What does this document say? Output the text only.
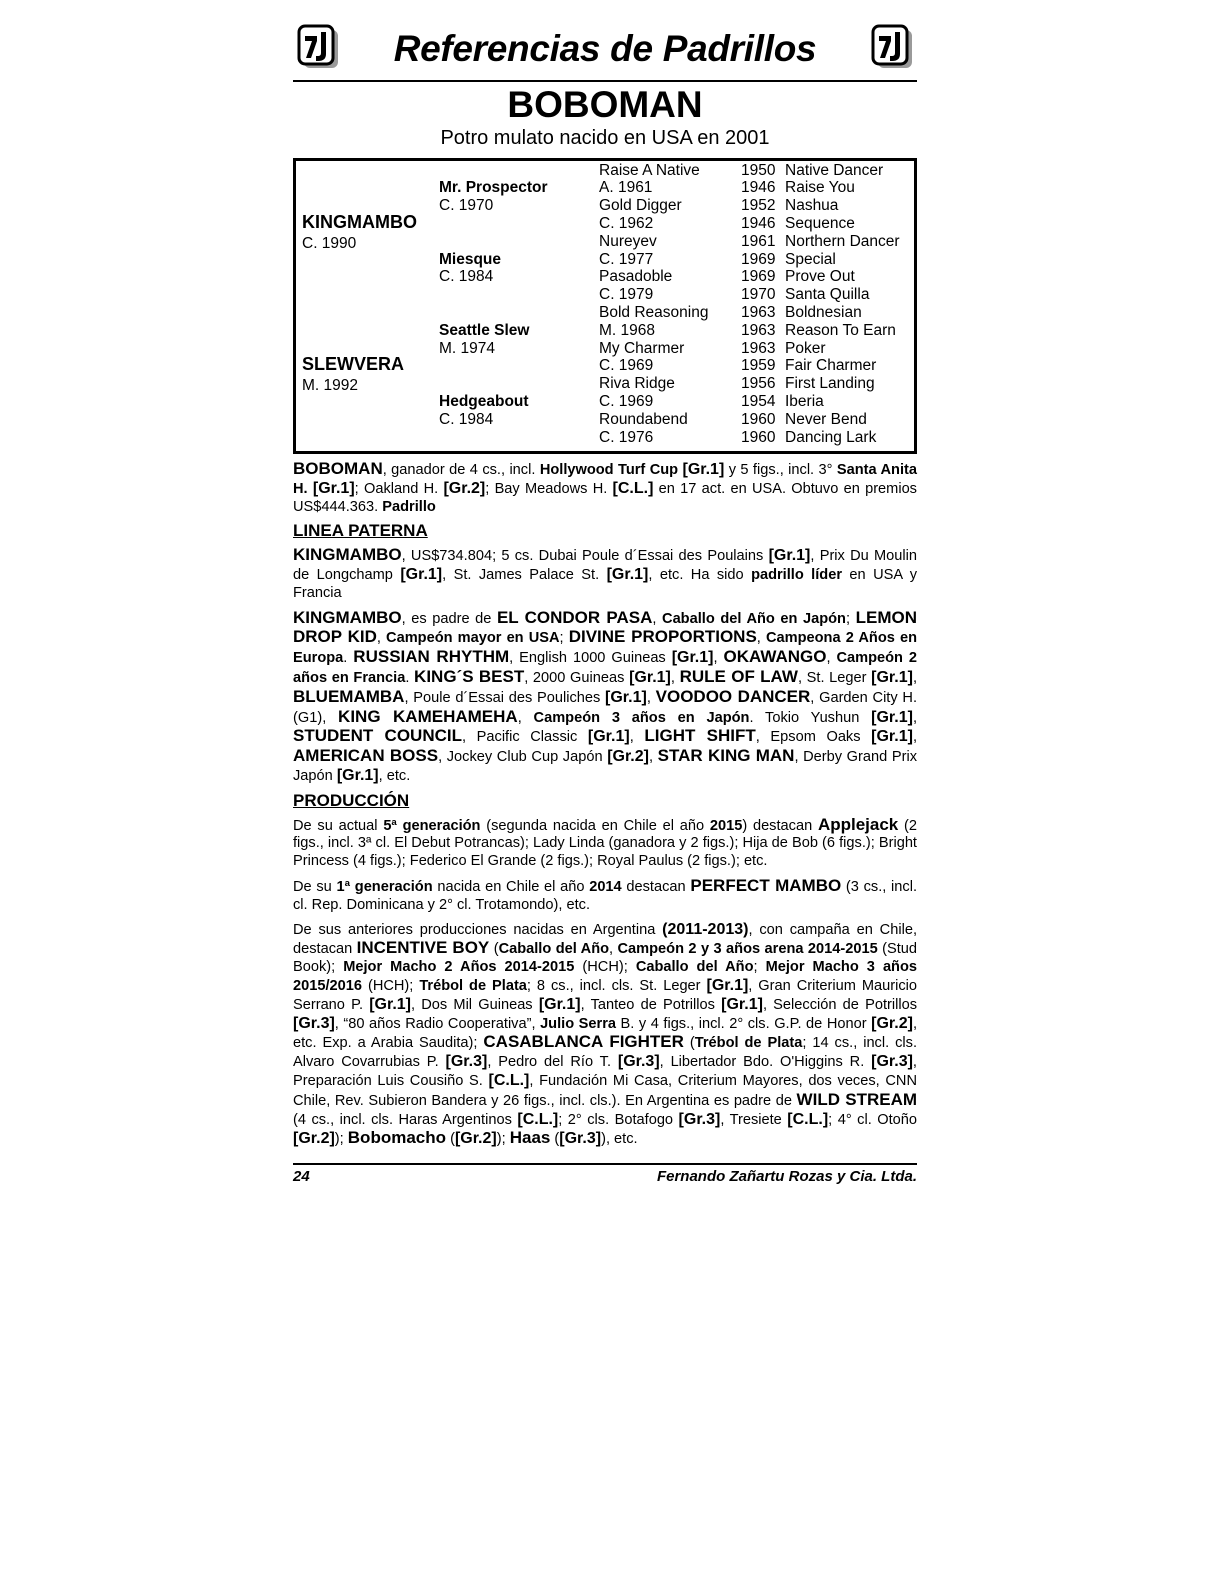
Referencias de Padrillos
BOBOMAN
Potro mulato nacido en USA en 2001
KINGMAMBO
C. 1990
SLEWVERA
M. 1992
Mr. Prospector
C. 1970
Miesque
C. 1984
Seattle Slew
M. 1974
Hedgeabout
C. 1984
Raise A Native
A. 1961
Gold Digger
C. 1962
Nureyev
C. 1977
Pasadoble
C. 1979
Bold Reasoning
M. 1968
My Charmer
C. 1969
Riva Ridge
C. 1969
Roundabend
C. 1976
1950 Native Dancer
1946 Raise You
1952 Nashua
1946 Sequence
1961 Northern Dancer
1969 Special
1969 Prove Out
1970 Santa Quilla
1963 Boldnesian
1963 Reason To Earn
1963 Poker
1959 Fair Charmer
1956 First Landing
1954 Iberia
1960 Never Bend
1960 Dancing Lark

BOBOMAN, ganador de 4 cs., incl. Hollywood Turf Cup [Gr.1] y 5 figs., incl. 3° Santa Anita H. [Gr.1]; Oakland H. [Gr.2]; Bay Meadows H. [C.L.] en 17 act. en USA. Obtuvo en premios US$444.363. Padrillo

LINEA PATERNA

KINGMAMBO, US$734.804; 5 cs. Dubai Poule d´Essai des Poulains [Gr.1], Prix Du Moulin de Longchamp [Gr.1], St. James Palace St. [Gr.1], etc. Ha sido padrillo líder en USA y Francia

KINGMAMBO, es padre de EL CONDOR PASA, Caballo del Año en Japón; LEMON DROP KID, Campeón mayor en USA; DIVINE PROPORTIONS, Campeona 2 Años en Europa. RUSSIAN RHYTHM, English 1000 Guineas [Gr.1], OKAWANGO, Campeón 2 años en Francia. KING´S BEST, 2000 Guineas [Gr.1], RULE OF LAW, St. Leger [Gr.1], BLUEMAMBA, Poule d´Essai des Pouliches [Gr.1], VOODOO DANCER, Garden City H. (G1), KING KAMEHAMEHA, Campeón 3 años en Japón. Tokio Yushun [Gr.1], STUDENT COUNCIL, Pacific Classic [Gr.1], LIGHT SHIFT, Epsom Oaks [Gr.1], AMERICAN BOSS, Jockey Club Cup Japón [Gr.2], STAR KING MAN, Derby Grand Prix Japón [Gr.1], etc.

PRODUCCIÓN

De su actual 5ª generación (segunda nacida en Chile el año 2015) destacan Applejack (2 figs., incl. 3ª cl. El Debut Potrancas); Lady Linda (ganadora y 2 figs.); Hija de Bob (6 figs.); Bright Princess (4 figs.); Federico El Grande (2 figs.); Royal Paulus (2 figs.); etc.

De su 1ª generación nacida en Chile el año 2014 destacan PERFECT MAMBO (3 cs., incl. cl. Rep. Dominicana y 2° cl. Trotamondo), etc.

De sus anteriores producciones nacidas en Argentina (2011-2013), con campaña en Chile, destacan INCENTIVE BOY (Caballo del Año, Campeón 2 y 3 años arena 2014-2015 (Stud Book); Mejor Macho 2 Años 2014-2015 (HCH); Caballo del Año; Mejor Macho 3 años 2015/2016 (HCH); Trébol de Plata; 8 cs., incl. cls. St. Leger [Gr.1], Gran Criterium Mauricio Serrano P. [Gr.1], Dos Mil Guineas [Gr.1], Tanteo de Potrillos [Gr.1], Selección de Potrillos [Gr.3], “80 años Radio Cooperativa”, Julio Serra B. y 4 figs., incl. 2° cls. G.P. de Honor [Gr.2], etc. Exp. a Arabia Saudita); CASABLANCA FIGHTER (Trébol de Plata; 14 cs., incl. cls. Alvaro Covarrubias P. [Gr.3], Pedro del Río T. [Gr.3], Libertador Bdo. O'Higgins R. [Gr.3], Preparación Luis Cousiño S. [C.L.], Fundación Mi Casa, Criterium Mayores, dos veces, CNN Chile, Rev. Subieron Bandera y 26 figs., incl. cls.). En Argentina es padre de WILD STREAM (4 cs., incl. cls. Haras Argentinos [C.L.]; 2° cls. Botafogo [Gr.3], Tresiete [C.L.]; 4° cl. Otoño [Gr.2]); Bobomacho ([Gr.2]); Haas ([Gr.3]), etc.

24	Fernando Zañartu Rozas y Cia. Ltda.
